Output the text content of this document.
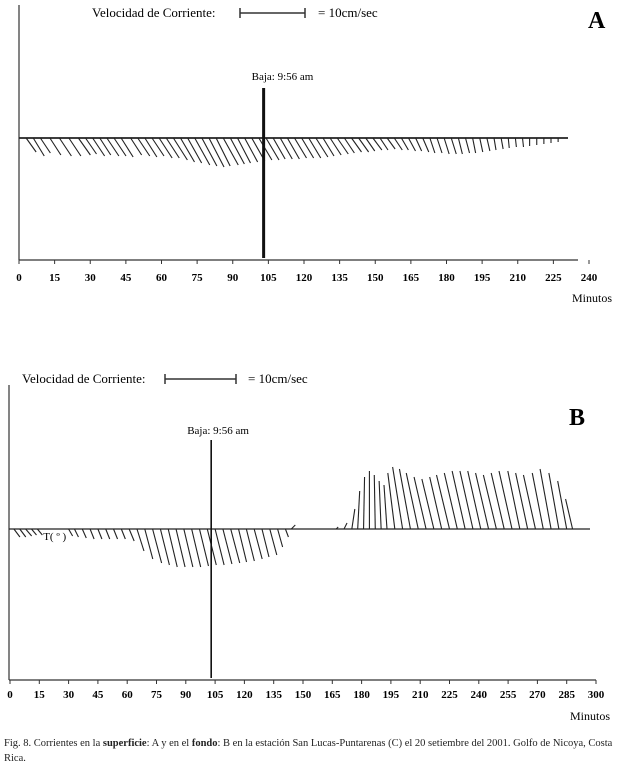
Velocidad de Corriente:	= 10cm/sec	A
Baja: 9:56 am
0 15 30 45 60 75 90 105 120 135 150 165 180 195 210 225 240
Minutos
Velocidad de Corriente:	= 10cm/sec
B
Baja: 9:56 am
T( º )
0 15 30 45 60 75 90 105 120 135 150 165 180 195 210 225 240 255 270 285 300
Minutos
Fig. 8. Corrientes en la superficie: A y en el fondo: B en la estación San Lucas-Puntarenas (C) el 20 setiembre del 2001. Golfo de Nicoya, Costa Rica.
